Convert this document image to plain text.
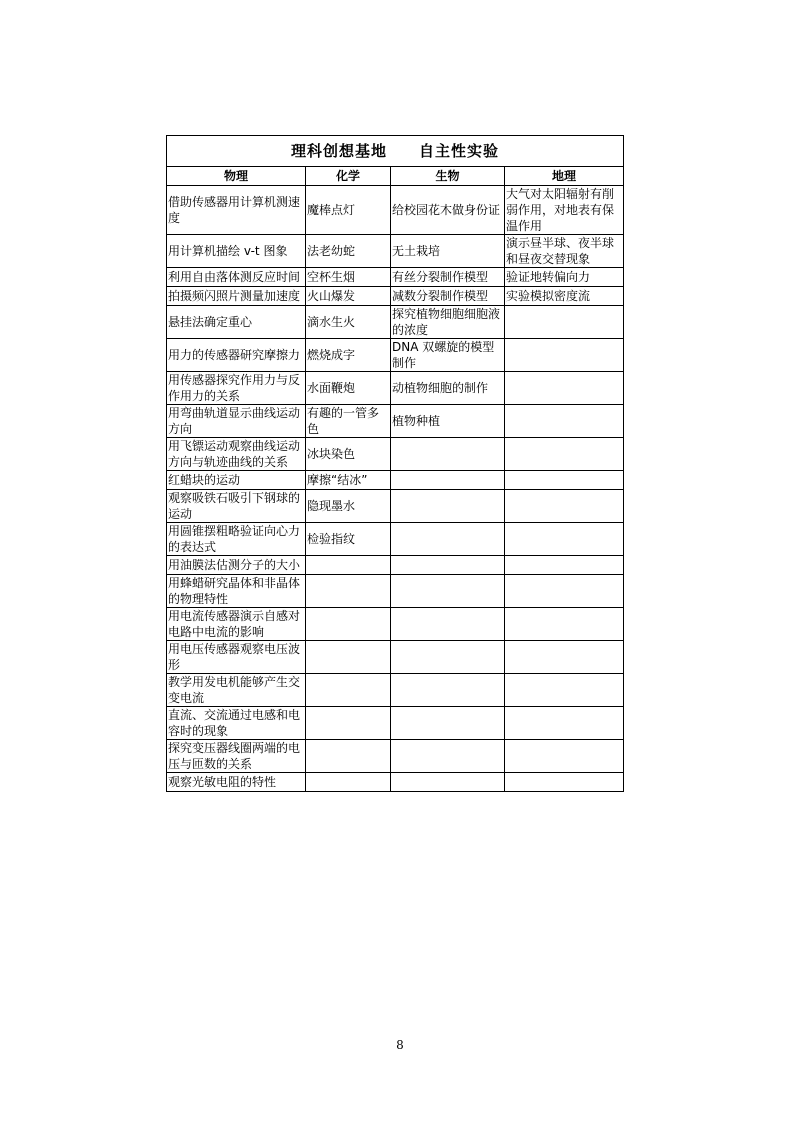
理科创想基地　　自主性实验			
物理	化学	生物	地理
借助传感器用计算机测速度	魔棒点灯	给校园花木做身份证	大气对太阳辐射有削弱作用，对地表有保温作用
用计算机描绘 v-t 图象	法老幼蛇	无土栽培	演示昼半球、夜半球和昼夜交替现象
利用自由落体测反应时间	空杯生烟	有丝分裂制作模型	验证地转偏向力
拍摄频闪照片测量加速度	火山爆发	减数分裂制作模型	实验模拟密度流
悬挂法确定重心	滴水生火	探究植物细胞细胞液的浓度	
用力的传感器研究摩擦力	燃烧成字	DNA 双螺旋的模型制作	
用传感器探究作用力与反作用力的关系	水面鞭炮	动植物细胞的制作	
用弯曲轨道显示曲线运动方向	有趣的一管多色	植物种植	
用飞镖运动观察曲线运动方向与轨迹曲线的关系	冰块染色		
红蜡块的运动	摩擦“结冰”		
观察吸铁石吸引下钢球的运动	隐现墨水		
用圆锥摆粗略验证向心力的表达式	检验指纹		
用油膜法估测分子的大小			
用蜂蜡研究晶体和非晶体的物理特性			
用电流传感器演示自感对电路中电流的影响			
用电压传感器观察电压波形			
教学用发电机能够产生交变电流			
直流、交流通过电感和电容时的现象			
探究变压器线圈两端的电压与匝数的关系			
观察光敏电阻的特性			
8
